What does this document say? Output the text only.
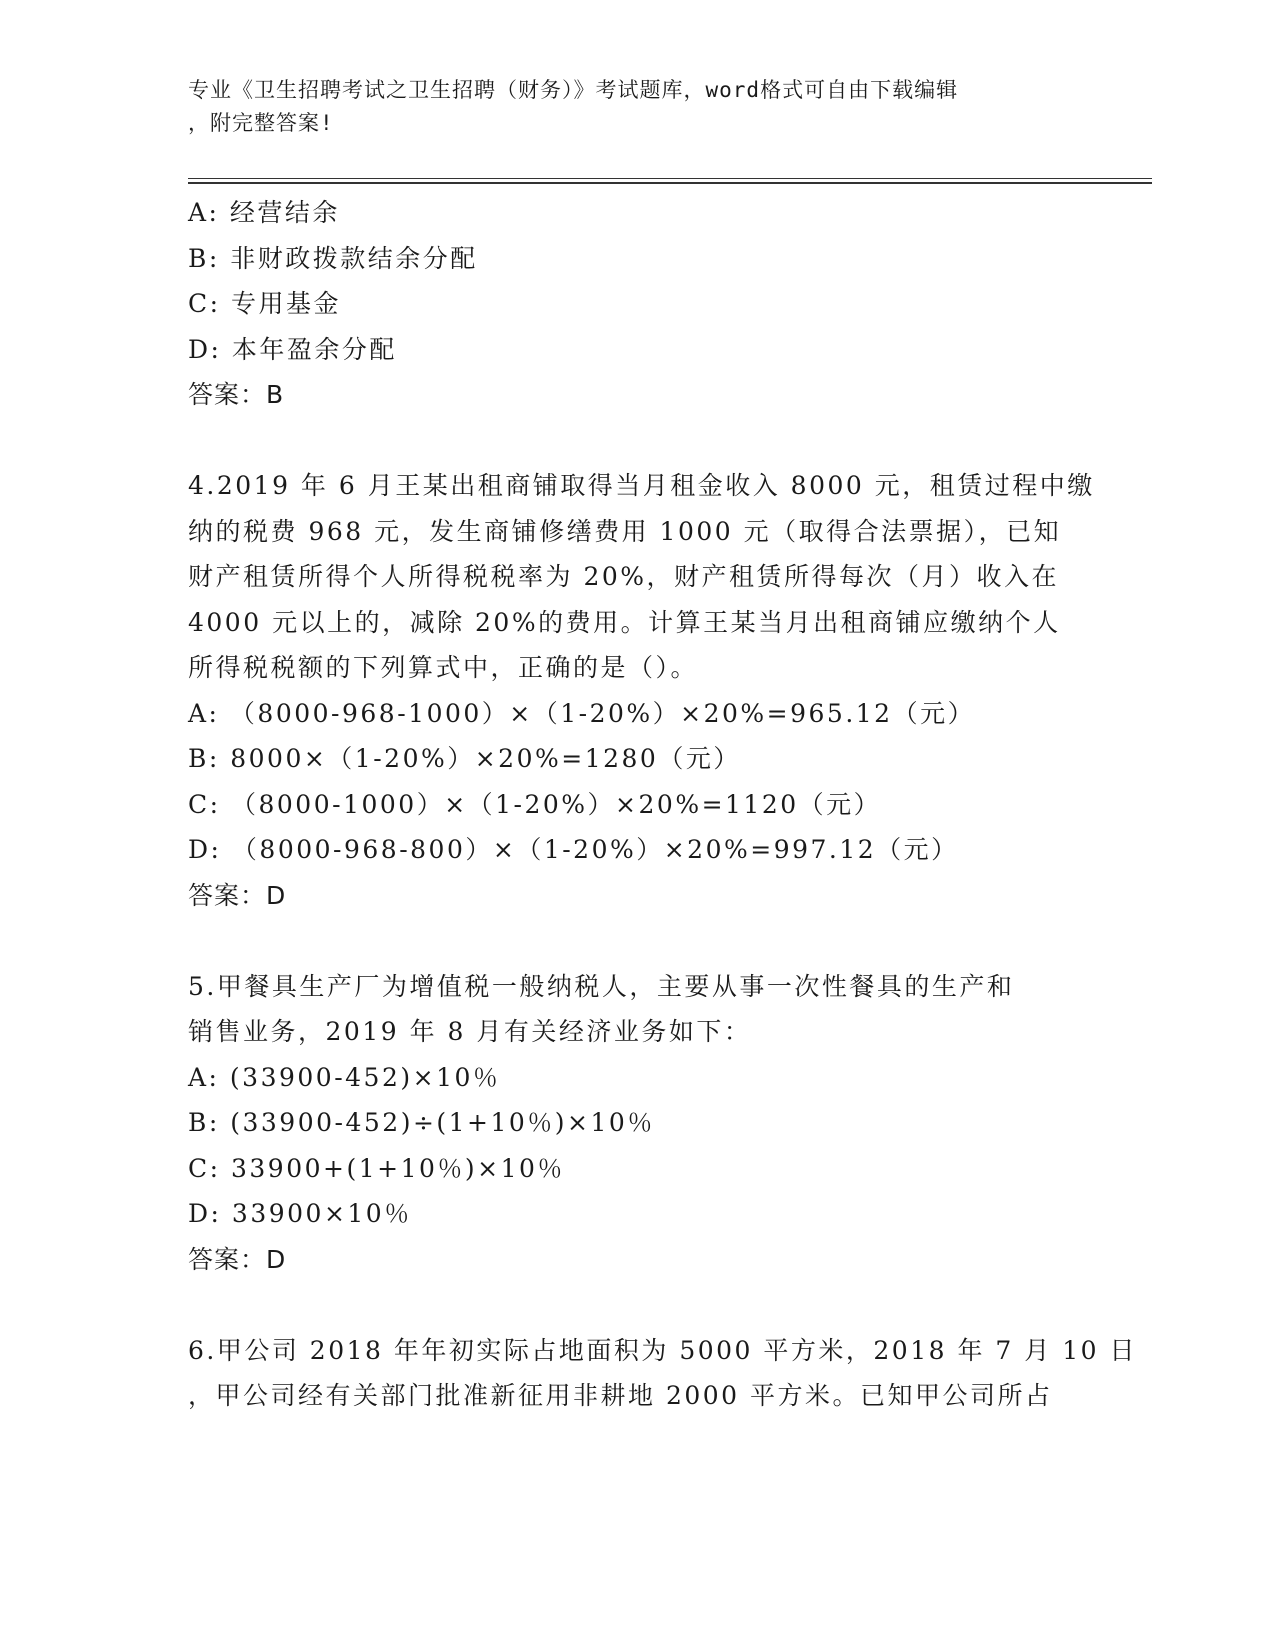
专业《卫生招聘考试之卫生招聘（财务）》考试题库，word格式可自由下载编辑
，附完整答案!
A: 经营结余
B: 非财政拨款结余分配
C: 专用基金
D: 本年盈余分配
答案：B
4.2019 年 6 月王某出租商铺取得当月租金收入 8000 元，租赁过程中缴
纳的税费 968 元，发生商铺修缮费用 1000 元（取得合法票据），已知
财产租赁所得个人所得税税率为 20%，财产租赁所得每次（月）收入在
4000 元以上的，减除 20%的费用。计算王某当月出租商铺应缴纳个人
所得税税额的下列算式中，正确的是（）。
A: （8000-968-1000）×（1-20%）×20%=965.12（元）
B: 8000×（1-20%）×20%=1280（元）
C: （8000-1000）×（1-20%）×20%=1120（元）
D: （8000-968-800）×（1-20%）×20%=997.12（元）
答案：D
5.甲餐具生产厂为增值税一般纳税人，主要从事一次性餐具的生产和
销售业务，2019 年 8 月有关经济业务如下：
A: (33900-452)×10％
B: (33900-452)÷(1+10％)×10％
C: 33900+(1+10％)×10％
D: 33900×10％
答案：D
6.甲公司 2018 年年初实际占地面积为 5000 平方米，2018 年 7 月 10 日
，甲公司经有关部门批准新征用非耕地 2000 平方米。已知甲公司所占
